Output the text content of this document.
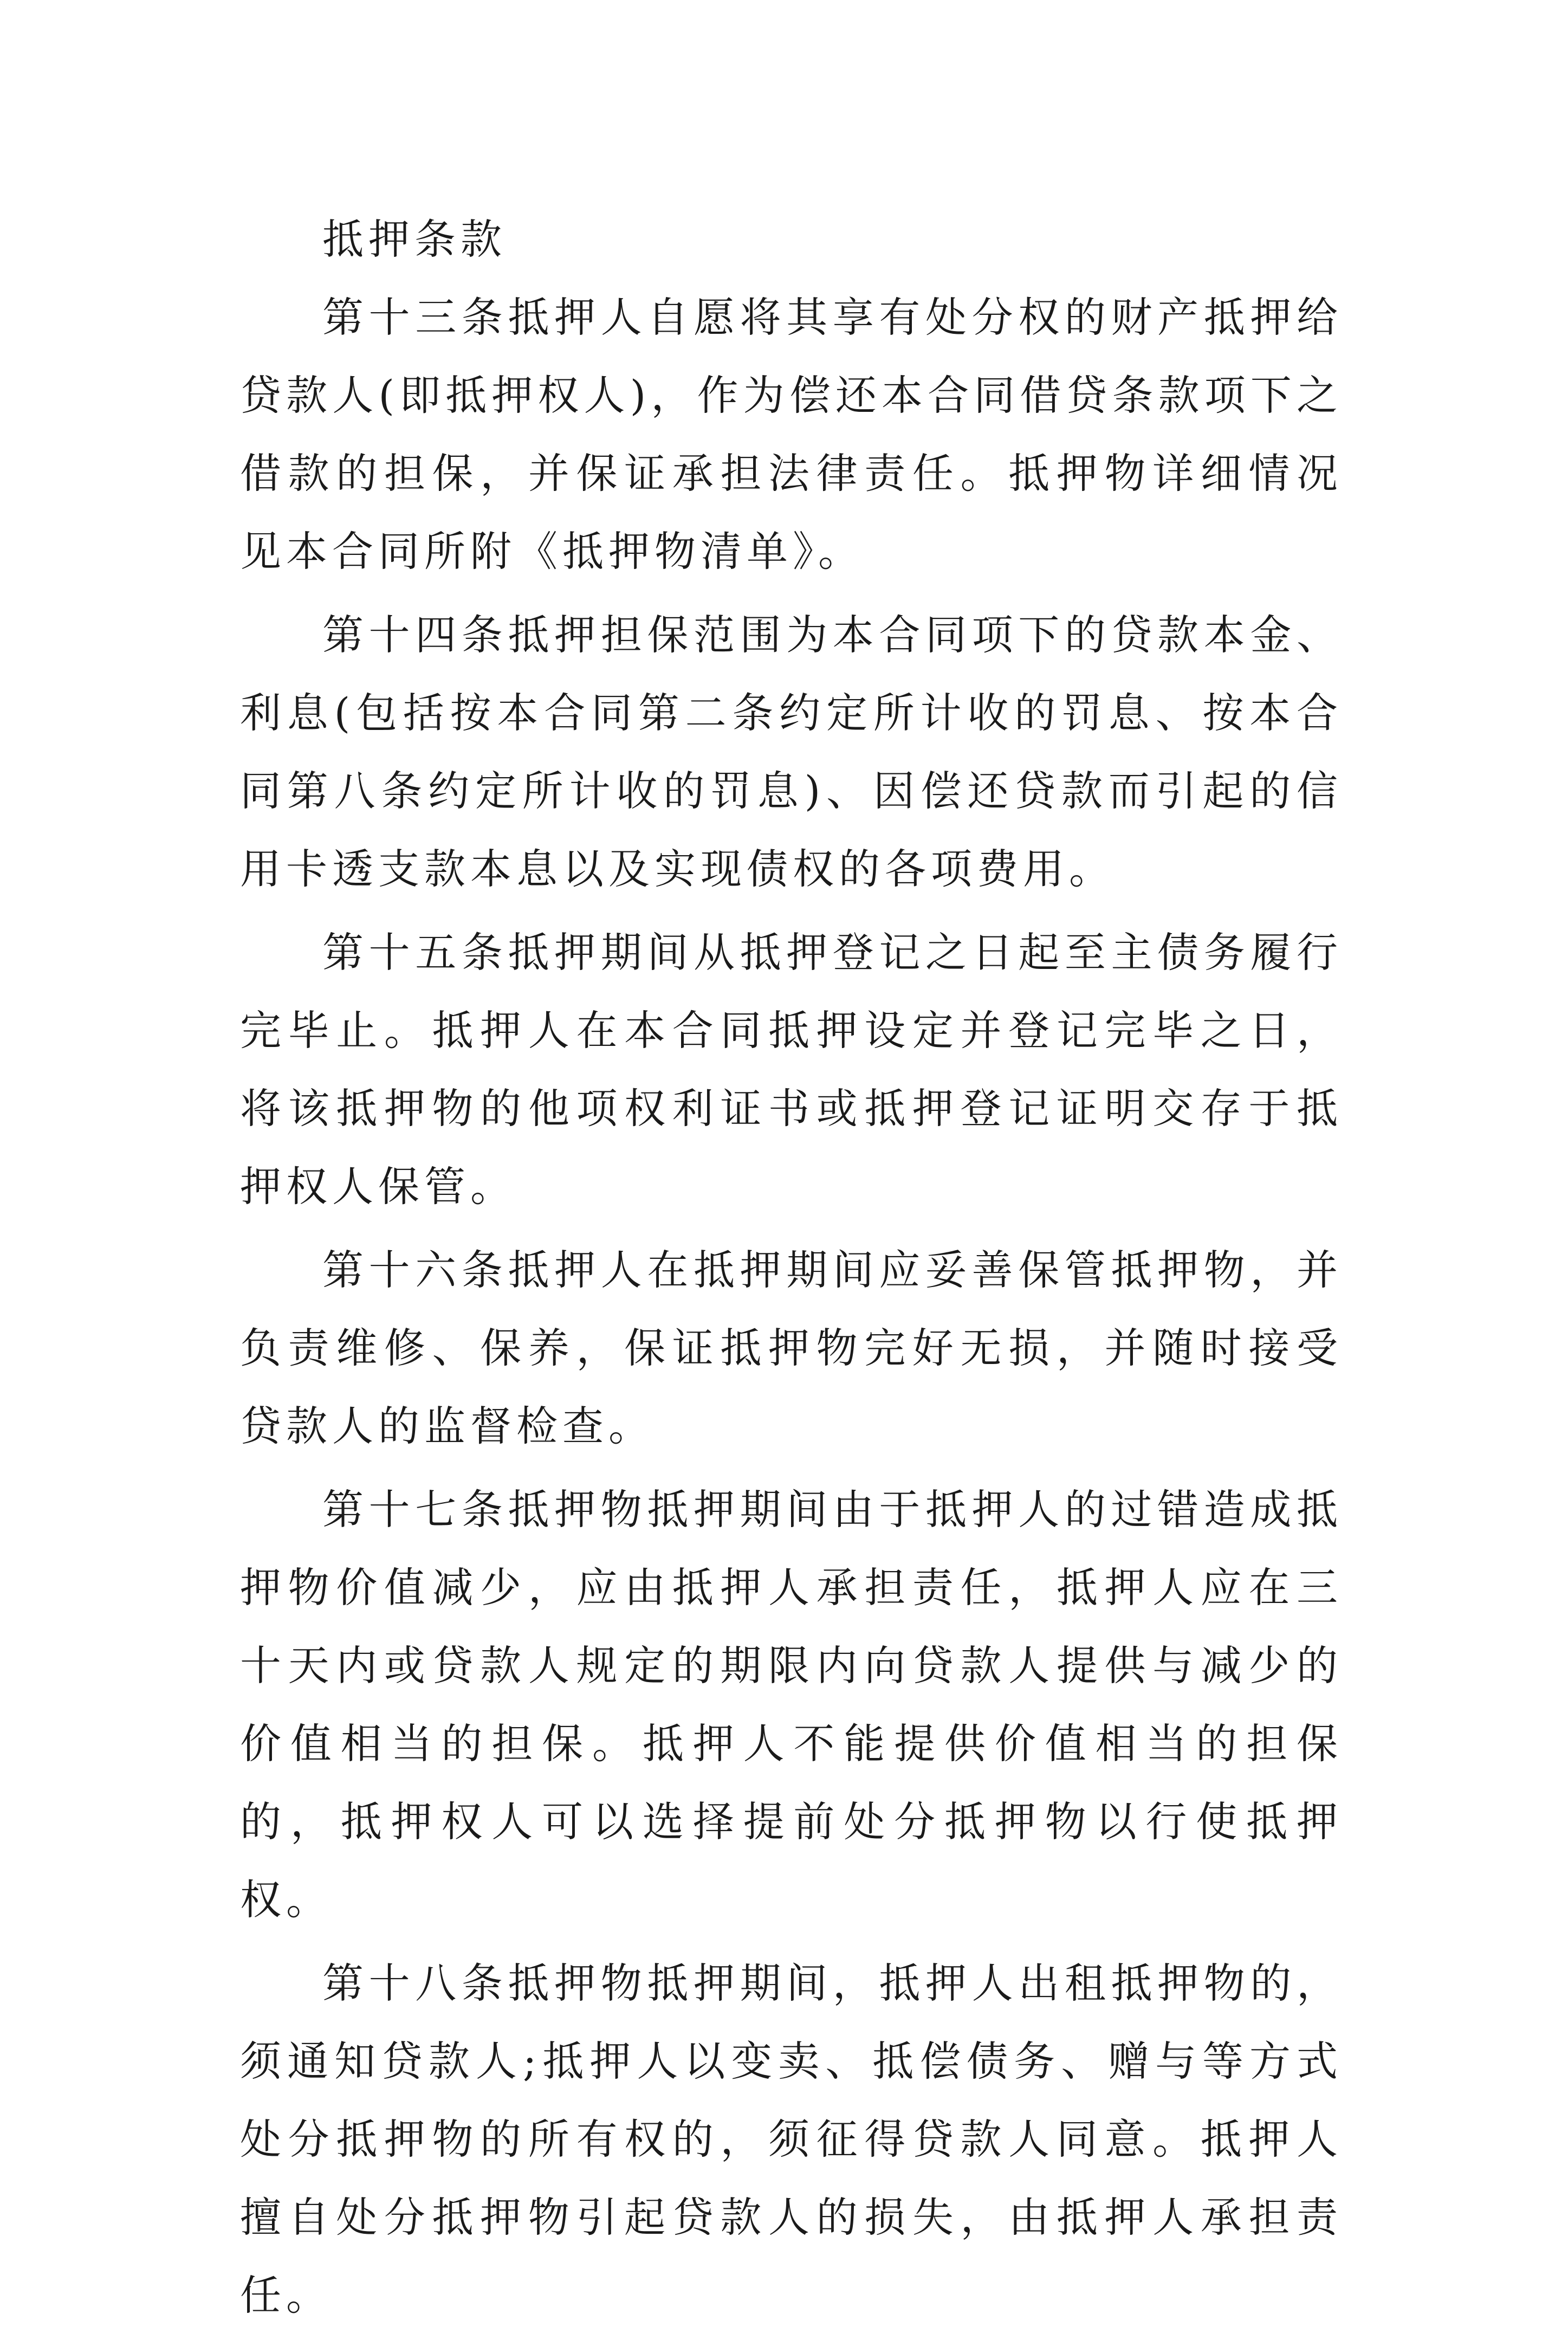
抵押条款

第十三条抵押人自愿将其享有处分权的财产抵押给贷款人(即抵押权人)，作为偿还本合同借贷条款项下之借款的担保，并保证承担法律责任。抵押物详细情况见本合同所附《抵押物清单》。

第十四条抵押担保范围为本合同项下的贷款本金、利息(包括按本合同第二条约定所计收的罚息、按本合同第八条约定所计收的罚息)、因偿还贷款而引起的信用卡透支款本息以及实现债权的各项费用。

第十五条抵押期间从抵押登记之日起至主债务履行完毕止。抵押人在本合同抵押设定并登记完毕之日，将该抵押物的他项权利证书或抵押登记证明交存于抵押权人保管。

第十六条抵押人在抵押期间应妥善保管抵押物，并负责维修、保养，保证抵押物完好无损，并随时接受贷款人的监督检查。

第十七条抵押物抵押期间由于抵押人的过错造成抵押物价值减少，应由抵押人承担责任，抵押人应在三十天内或贷款人规定的期限内向贷款人提供与减少的价值相当的担保。抵押人不能提供价值相当的担保的，抵押权人可以选择提前处分抵押物以行使抵押权。

第十八条抵押物抵押期间，抵押人出租抵押物的，须通知贷款人;抵押人以变卖、抵偿债务、赠与等方式处分抵押物的所有权的，须征得贷款人同意。抵押人擅自处分抵押物引起贷款人的损失，由抵押人承担责任。
